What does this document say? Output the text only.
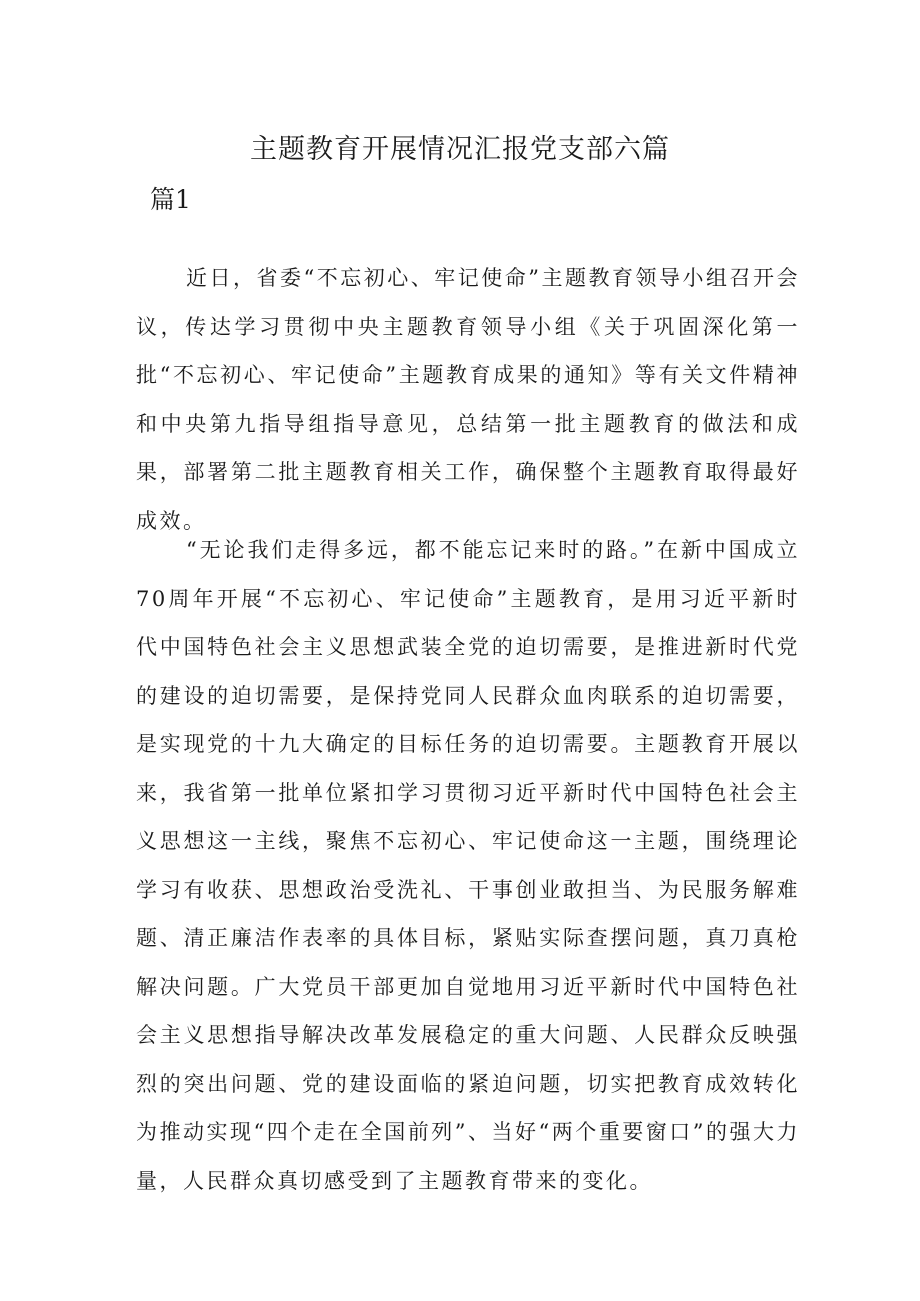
主题教育开展情况汇报党支部六篇
篇1

近日，省委“不忘初心、牢记使命”主题教育领导小组召开会议，传达学习贯彻中央主题教育领导小组《关于巩固深化第一批“不忘初心、牢记使命”主题教育成果的通知》等有关文件精神和中央第九指导组指导意见，总结第一批主题教育的做法和成果，部署第二批主题教育相关工作，确保整个主题教育取得最好成效。

“无论我们走得多远，都不能忘记来时的路。”在新中国成立70周年开展“不忘初心、牢记使命”主题教育，是用习近平新时代中国特色社会主义思想武装全党的迫切需要，是推进新时代党的建设的迫切需要，是保持党同人民群众血肉联系的迫切需要，是实现党的十九大确定的目标任务的迫切需要。主题教育开展以来，我省第一批单位紧扣学习贯彻习近平新时代中国特色社会主义思想这一主线，聚焦不忘初心、牢记使命这一主题，围绕理论学习有收获、思想政治受洗礼、干事创业敢担当、为民服务解难题、清正廉洁作表率的具体目标，紧贴实际查摆问题，真刀真枪解决问题。广大党员干部更加自觉地用习近平新时代中国特色社会主义思想指导解决改革发展稳定的重大问题、人民群众反映强烈的突出问题、党的建设面临的紧迫问题，切实把教育成效转化为推动实现“四个走在全国前列”、当好“两个重要窗口”的强大力量，人民群众真切感受到了主题教育带来的变化。
